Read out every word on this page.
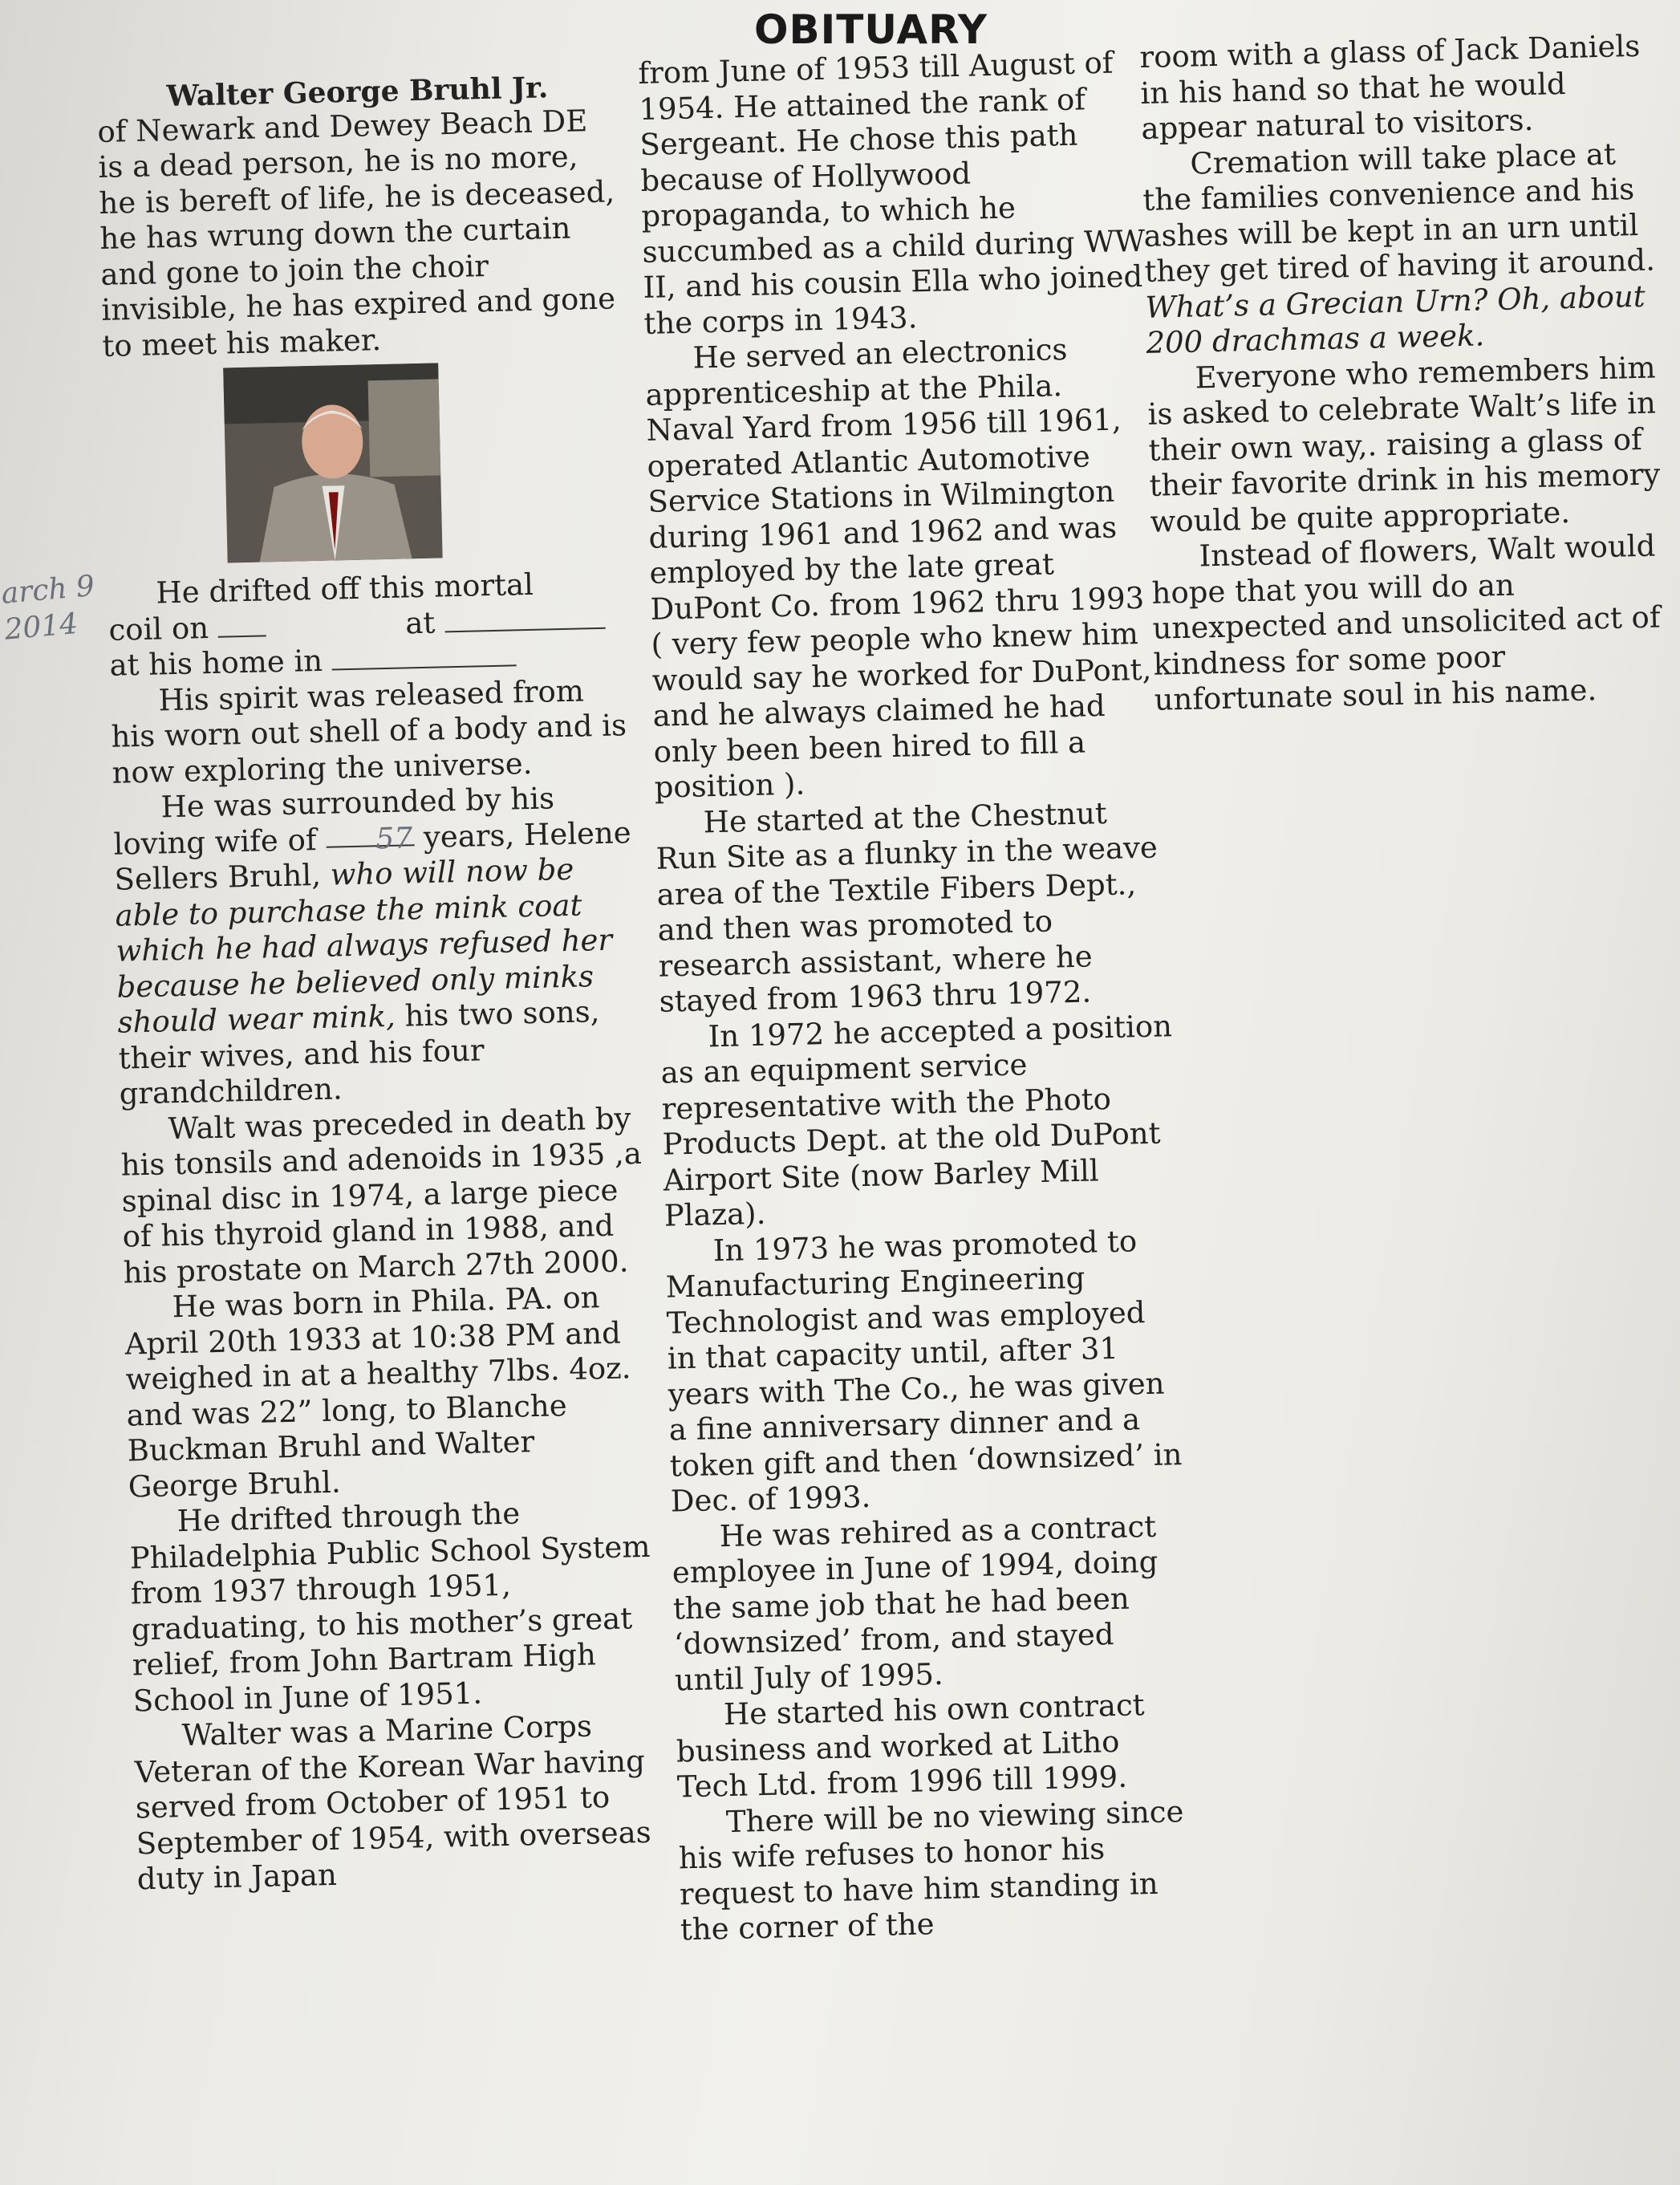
OBITUARY
arch 9
2014
Walter George Bruhl Jr.

of Newark and Dewey Beach DE is a dead person, he is no more, he is bereft of life, he is deceased, he has wrung down the curtain and gone to join the choir invisible, he has expired and gone to meet his maker.

He drifted off this mortal

coil on	at

at his home in

His spirit was released from his worn out shell of a body and is now exploring the universe.

He was surrounded by his loving wife of 57 years, Helene Sellers Bruhl, who will now be able to purchase the mink coat which he had always refused her because he believed only minks should wear mink, his two sons, their wives, and his four grandchildren.

Walt was preceded in death by his tonsils and adenoids in 1935 ,a spinal disc in 1974, a large piece of his thyroid gland in 1988, and his prostate on March 27th 2000.

He was born in Phila. PA. on April 20th 1933 at 10:38 PM and weighed in at a healthy 7lbs. 4oz. and was 22” long, to Blanche Buckman Bruhl and Walter George Bruhl.

He drifted through the Philadelphia Public School System from 1937 through 1951, graduating, to his mother’s great relief, from John Bartram High School in June of 1951.

Walter was a Marine Corps Veteran of the Korean War having served from October of 1951 to September of 1954, with overseas duty in Japan

from June of 1953 till August of 1954. He attained the rank of Sergeant. He chose this path because of Hollywood propaganda, to which he succumbed as a child during WW II, and his cousin Ella who joined the corps in 1943.

He served an electronics apprenticeship at the Phila. Naval Yard from 1956 till 1961, operated Atlantic Automotive Service Stations in Wilmington during 1961 and 1962 and was employed by the late great DuPont Co. from 1962 thru 1993 ( very few people who knew him would say he worked for DuPont, and he always claimed he had only been been hired to fill a position ).

He started at the Chestnut Run Site as a flunky in the weave area of the Textile Fibers Dept., and then was promoted to research assistant, where he stayed from 1963 thru 1972.

In 1972 he accepted a position as an equipment service representative with the Photo Products Dept. at the old DuPont Airport Site (now Barley Mill Plaza).

In 1973 he was promoted to Manufacturing Engineering Technologist and was employed in that capacity until, after 31 years with The Co., he was given a fine anniversary dinner and a token gift and then ‘downsized’ in Dec. of 1993.

He was rehired as a contract employee in June of 1994, doing the same job that he had been ‘downsized’ from, and stayed until July of 1995.

He started his own contract business and worked at Litho Tech Ltd. from 1996 till 1999.

There will be no viewing since his wife refuses to honor his request to have him standing in the corner of the

room with a glass of Jack Daniels in his hand so that he would appear natural to visitors.

Cremation will take place at the families convenience and his ashes will be kept in an urn until they get tired of having it around. What’s a Grecian Urn? Oh, about 200 drachmas a week.

Everyone who remembers him is asked to celebrate Walt’s life in their own way,. raising a glass of their favorite drink in his memory would be quite appropriate.

Instead of flowers, Walt would hope that you will do an unexpected and unsolicited act of kindness for some poor unfortunate soul in his name.
